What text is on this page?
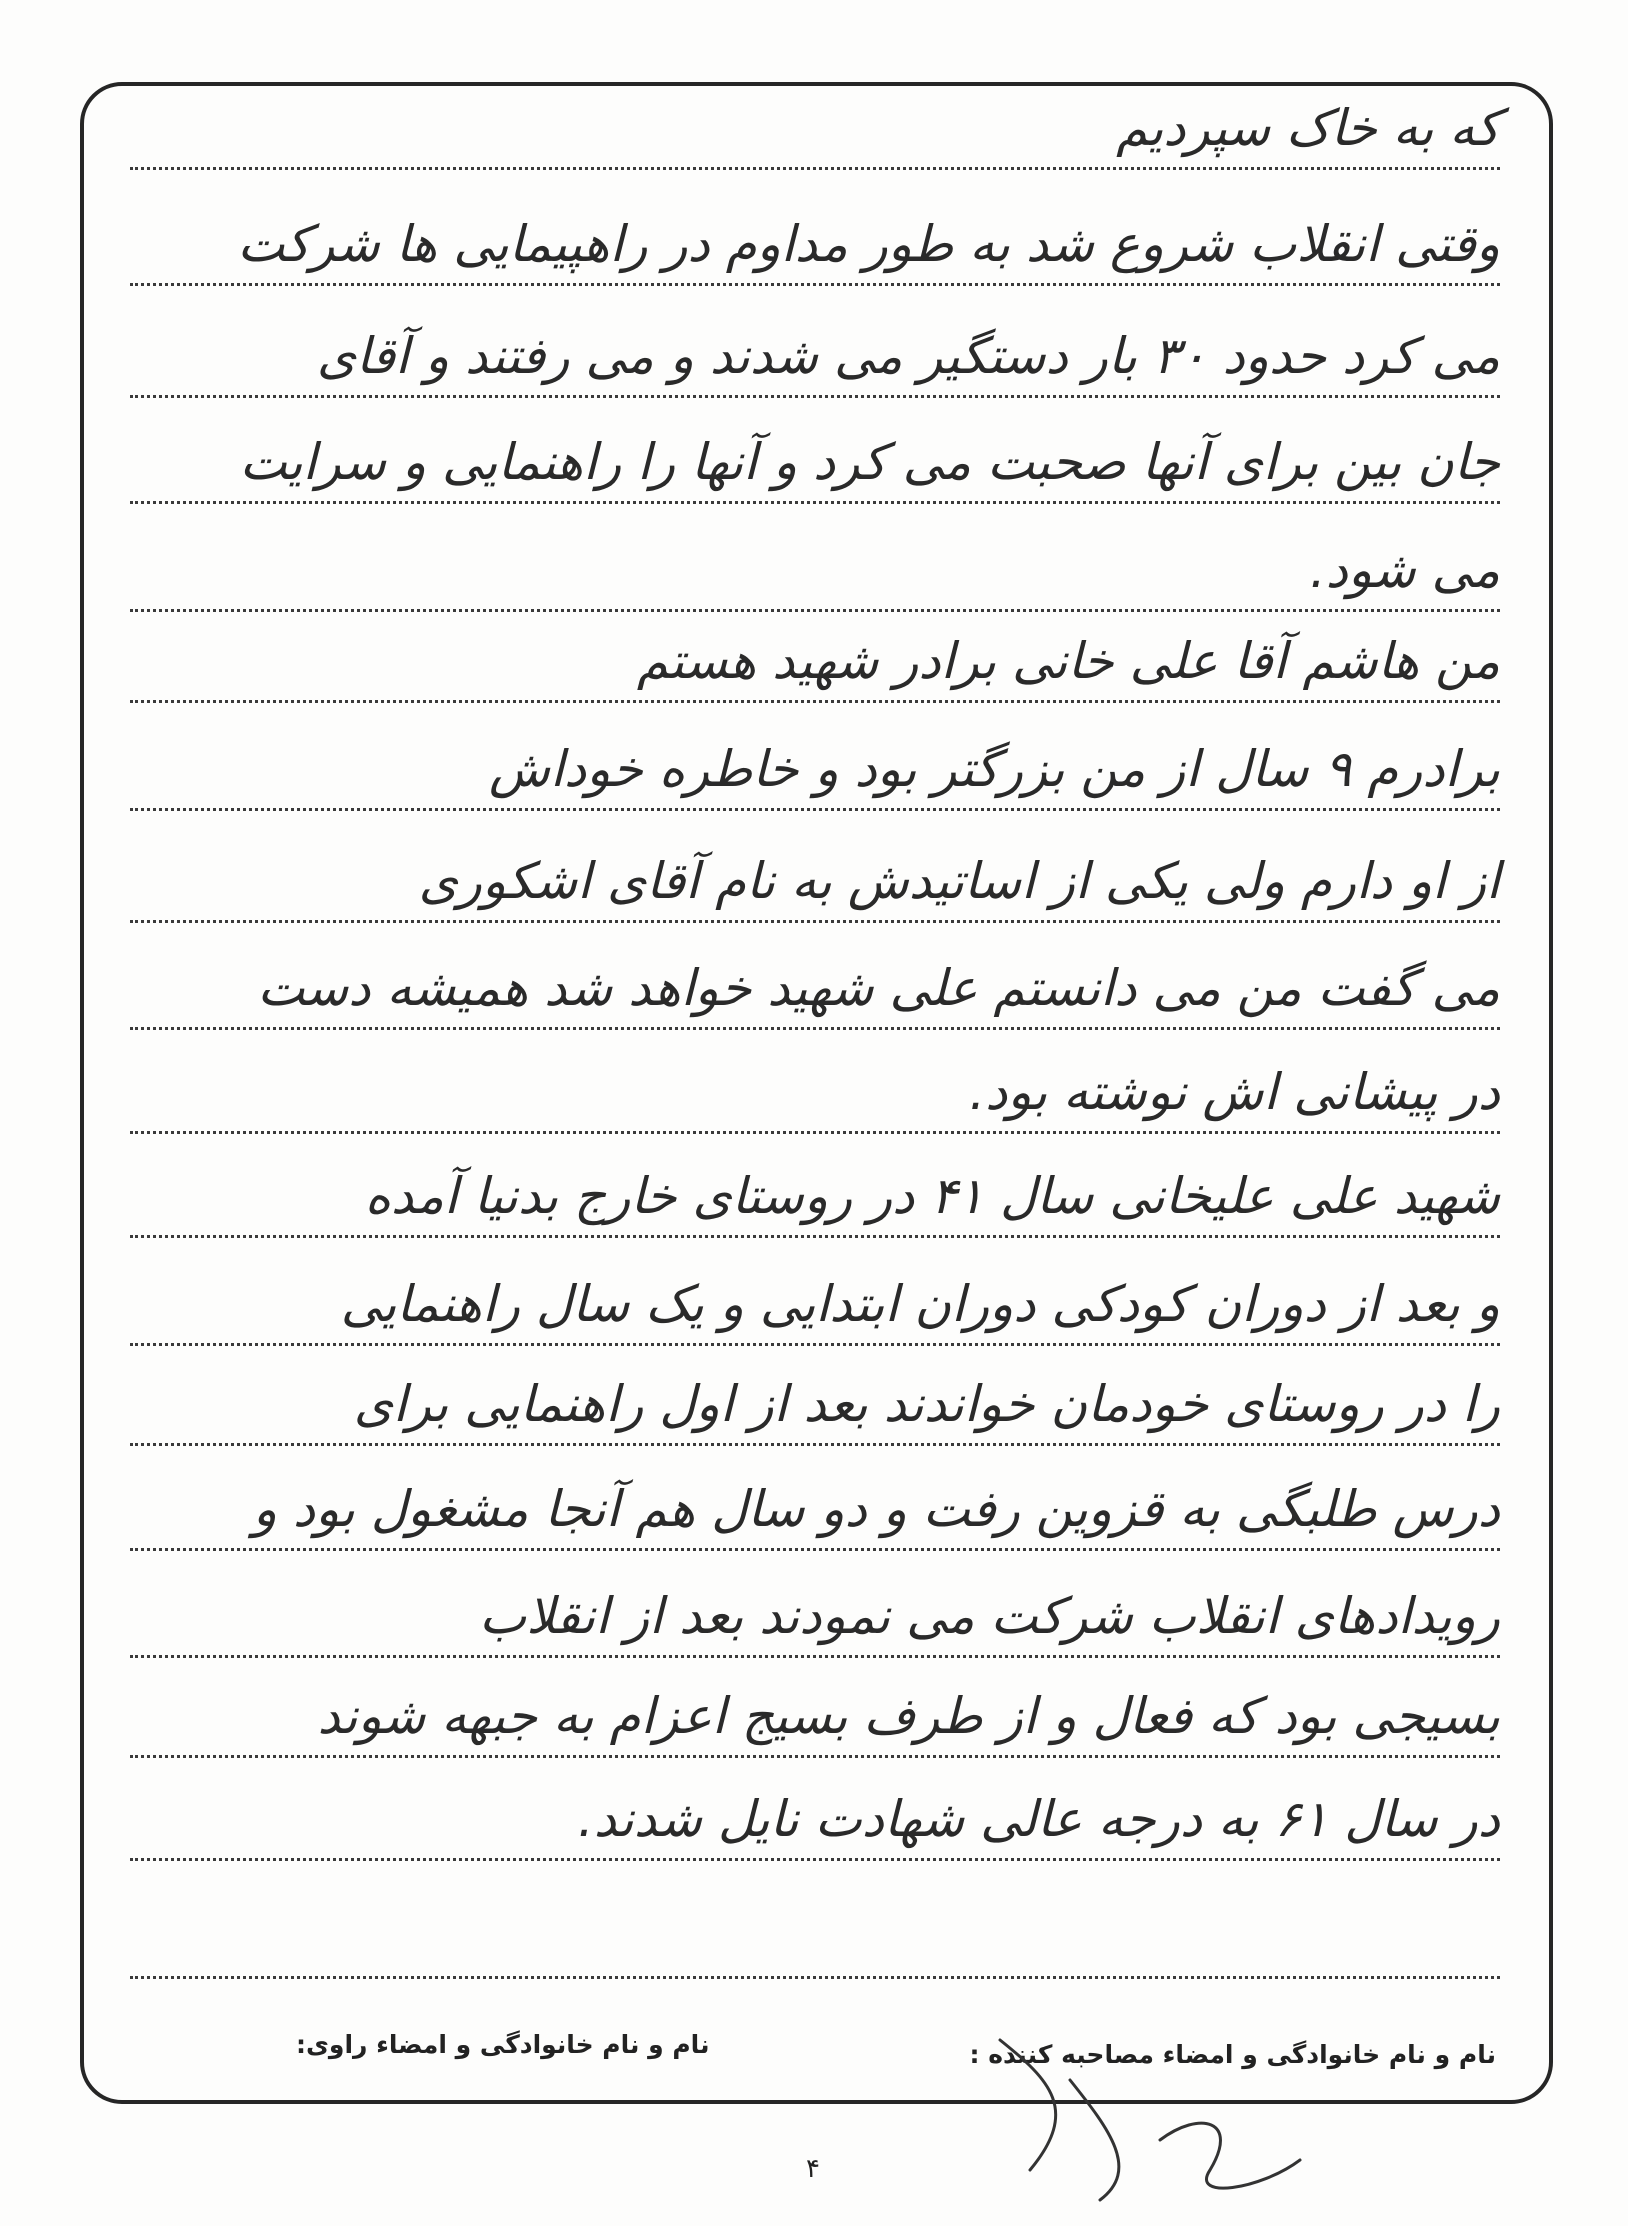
که به خاک سپردیم
وقتی انقلاب شروع شد به طور مداوم در راهپیمایی ها شرکت
می کرد حدود ۳۰ بار دستگیر می شدند و می رفتند و آقای
جان بین برای آنها صحبت می کرد و آنها را راهنمایی و سرایت
می شود.
من هاشم آقا علی خانی برادر شهید هستم
برادرم ۹ سال از من بزرگتر بود و خاطره خوداش
از او دارم ولی یکی از اساتیدش به نام آقای اشکوری
می گفت من می دانستم علی شهید خواهد شد همیشه دست
در پیشانی اش نوشته بود.
شهید علی علیخانی سال ۴۱ در روستای خارج بدنیا آمده
و بعد از دوران کودکی دوران ابتدایی و یک سال راهنمایی
را در روستای خودمان خواندند بعد از اول راهنمایی برای
درس طلبگی به قزوین رفت و دو سال هم آنجا مشغول بود و
رویدادهای انقلاب شرکت می نمودند بعد از انقلاب
بسیجی بود که فعال و از طرف بسیج اعزام به جبهه شوند
در سال ۶۱ به درجه عالی شهادت نایل شدند.
نام و نام خانوادگی و امضاء مصاحبه کننده :
نام و نام خانوادگی و امضاء راوی:
۴
